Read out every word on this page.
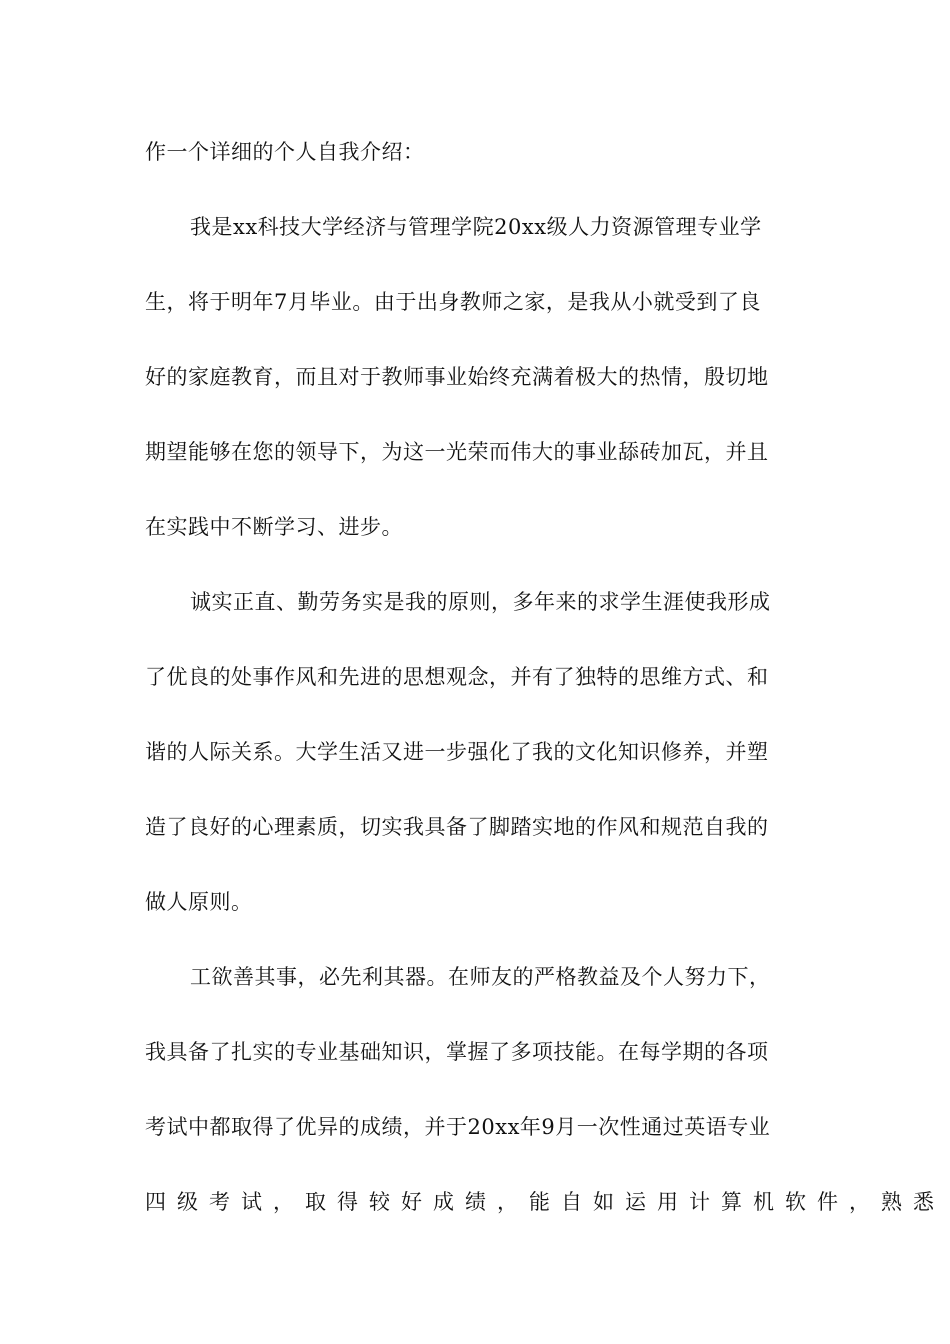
作一个详细的个人自我介绍：
我是xx科技大学经济与管理学院20xx级人力资源管理专业学
生，将于明年7月毕业。由于出身教师之家，是我从小就受到了良
好的家庭教育，而且对于教师事业始终充满着极大的热情，殷切地
期望能够在您的领导下，为这一光荣而伟大的事业舔砖加瓦，并且
在实践中不断学习、进步。
诚实正直、勤劳务实是我的原则，多年来的求学生涯使我形成
了优良的处事作风和先进的思想观念，并有了独特的思维方式、和
谐的人际关系。大学生活又进一步强化了我的文化知识修养，并塑
造了良好的心理素质，切实我具备了脚踏实地的作风和规范自我的
做人原则。
工欲善其事，必先利其器。在师友的严格教益及个人努力下，
我具备了扎实的专业基础知识，掌握了多项技能。在每学期的各项
考试中都取得了优异的成绩，并于20xx年9月一次性通过英语专业
四级考试，取得较好成绩，能自如运用计算机软件，熟悉
